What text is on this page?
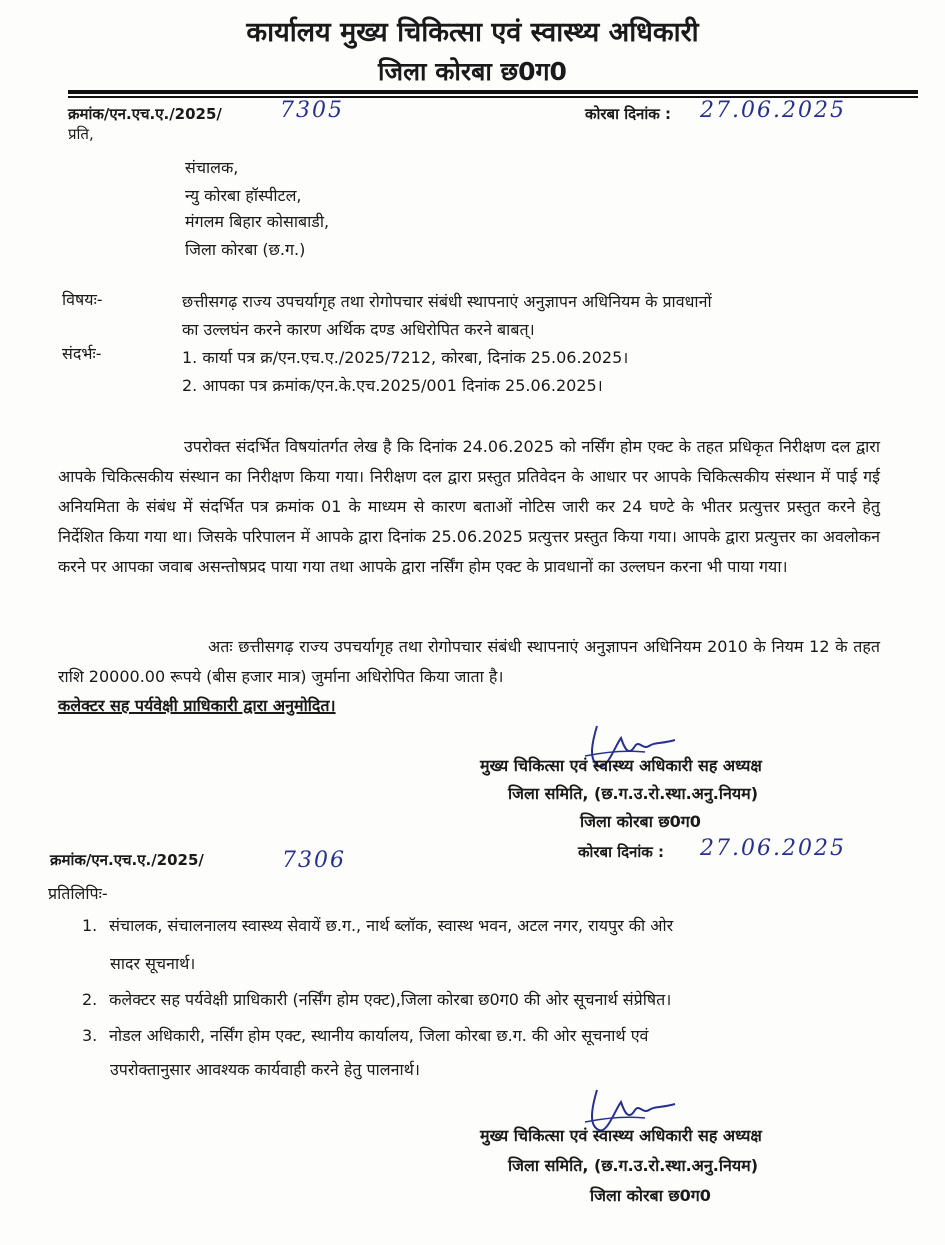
कार्यालय मुख्य चिकित्सा एवं स्वास्थ्य अधिकारी
जिला कोरबा छ0ग0
क्रमांक/एन.एच.ए./2025/	7305	कोरबा दिनांक : 27.06.2025
प्रति,
संचालक,
न्यु कोरबा हॉस्पीटल,
मंगलम बिहार कोसाबाडी,
जिला कोरबा (छ.ग.)
विषयः-	छत्तीसगढ़ राज्य उपचर्यागृह तथा रोगोपचार संबंधी स्थापनाएं अनुज्ञापन अधिनियम के प्रावधानों
का उल्लघंन करने कारण अर्थिक दण्ड अधिरोपित करने बाबत्।
संदर्भः-	1. कार्या पत्र क्र/एन.एच.ए./2025/7212, कोरबा, दिनांक 25.06.2025।
2. आपका पत्र क्रमांक/एन.के.एच.2025/001 दिनांक 25.06.2025।
उपरोक्त संदर्भित विषयांतर्गत लेख है कि दिनांक 24.06.2025 को नर्सिंग होम एक्ट के तहत प्रधिकृत निरीक्षण दल द्वारा आपके चिकित्सकीय संस्थान का निरीक्षण किया गया। निरीक्षण दल द्वारा प्रस्तुत प्रतिवेदन के आधार पर आपके चिकित्सकीय संस्थान में पाई गई अनियमिता के संबंध में संदर्भित पत्र क्रमांक 01 के माध्यम से कारण बताओं नोटिस जारी कर 24 घण्टे के भीतर प्रत्युत्तर प्रस्तुत करने हेतु निर्देशित किया गया था। जिसके परिपालन में आपके द्वारा दिनांक 25.06.2025 प्रत्युत्तर प्रस्तुत किया गया। आपके द्वारा प्रत्युत्तर का अवलोकन करने पर आपका जवाब असन्तोषप्रद पाया गया तथा आपके द्वारा नर्सिंग होम एक्ट के प्रावधानों का उल्लघन करना भी पाया गया।
अतः छत्तीसगढ़ राज्य उपचर्यागृह तथा रोगोपचार संबंधी स्थापनाएं अनुज्ञापन अधिनियम 2010 के नियम 12 के तहत राशि 20000.00 रूपये (बीस हजार मात्र) जुर्माना अधिरोपित किया जाता है।
कलेक्टर सह पर्यवेक्षी प्राधिकारी द्वारा अनुमोदित।
मुख्य चिकित्सा एवं स्वास्थ्य अधिकारी सह अध्यक्ष
जिला समिति, (छ.ग.उ.रो.स्था.अनु.नियम)
जिला कोरबा छ0ग0
क्रमांक/एन.एच.ए./2025/	7306	कोरबा दिनांक : 27.06.2025
प्रतिलिपिः-
1. संचालक, संचालनालय स्वास्थ्य सेवायें छ.ग., नार्थ ब्लॉक, स्वास्थ भवन, अटल नगर, रायपुर की ओर
सादर सूचनार्थ।
2. कलेक्टर सह पर्यवेक्षी प्राधिकारी (नर्सिंग होम एक्ट),जिला कोरबा छ0ग0 की ओर सूचनार्थ संप्रेषित।
3. नोडल अधिकारी, नर्सिंग होम एक्ट, स्थानीय कार्यालय, जिला कोरबा छ.ग. की ओर सूचनार्थ एवं
उपरोक्तानुसार आवश्यक कार्यवाही करने हेतु पालनार्थ।
मुख्य चिकित्सा एवं स्वास्थ्य अधिकारी सह अध्यक्ष
जिला समिति, (छ.ग.उ.रो.स्था.अनु.नियम)
जिला कोरबा छ0ग0
